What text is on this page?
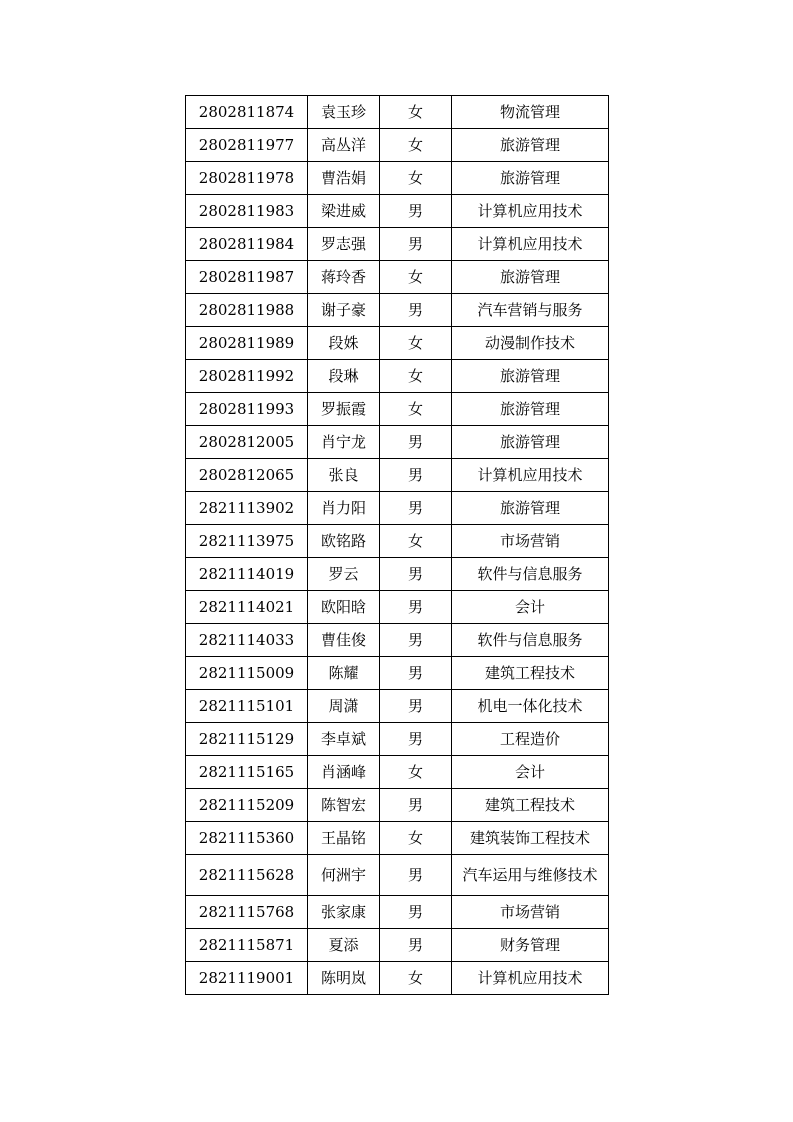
2802811874	袁玉珍	女	物流管理
2802811977	高丛洋	女	旅游管理
2802811978	曹浩娟	女	旅游管理
2802811983	梁进威	男	计算机应用技术
2802811984	罗志强	男	计算机应用技术
2802811987	蒋玲香	女	旅游管理
2802811988	谢子豪	男	汽车营销与服务
2802811989	段姝	女	动漫制作技术
2802811992	段琳	女	旅游管理
2802811993	罗振霞	女	旅游管理
2802812005	肖宁龙	男	旅游管理
2802812065	张良	男	计算机应用技术
2821113902	肖力阳	男	旅游管理
2821113975	欧铭路	女	市场营销
2821114019	罗云	男	软件与信息服务
2821114021	欧阳晗	男	会计
2821114033	曹佳俊	男	软件与信息服务
2821115009	陈耀	男	建筑工程技术
2821115101	周潇	男	机电一体化技术
2821115129	李卓斌	男	工程造价
2821115165	肖涵峰	女	会计
2821115209	陈智宏	男	建筑工程技术
2821115360	王晶铭	女	建筑装饰工程技术
2821115628	何洲宇	男	汽车运用与维修技术
2821115768	张家康	男	市场营销
2821115871	夏添	男	财务管理
2821119001	陈明岚	女	计算机应用技术
